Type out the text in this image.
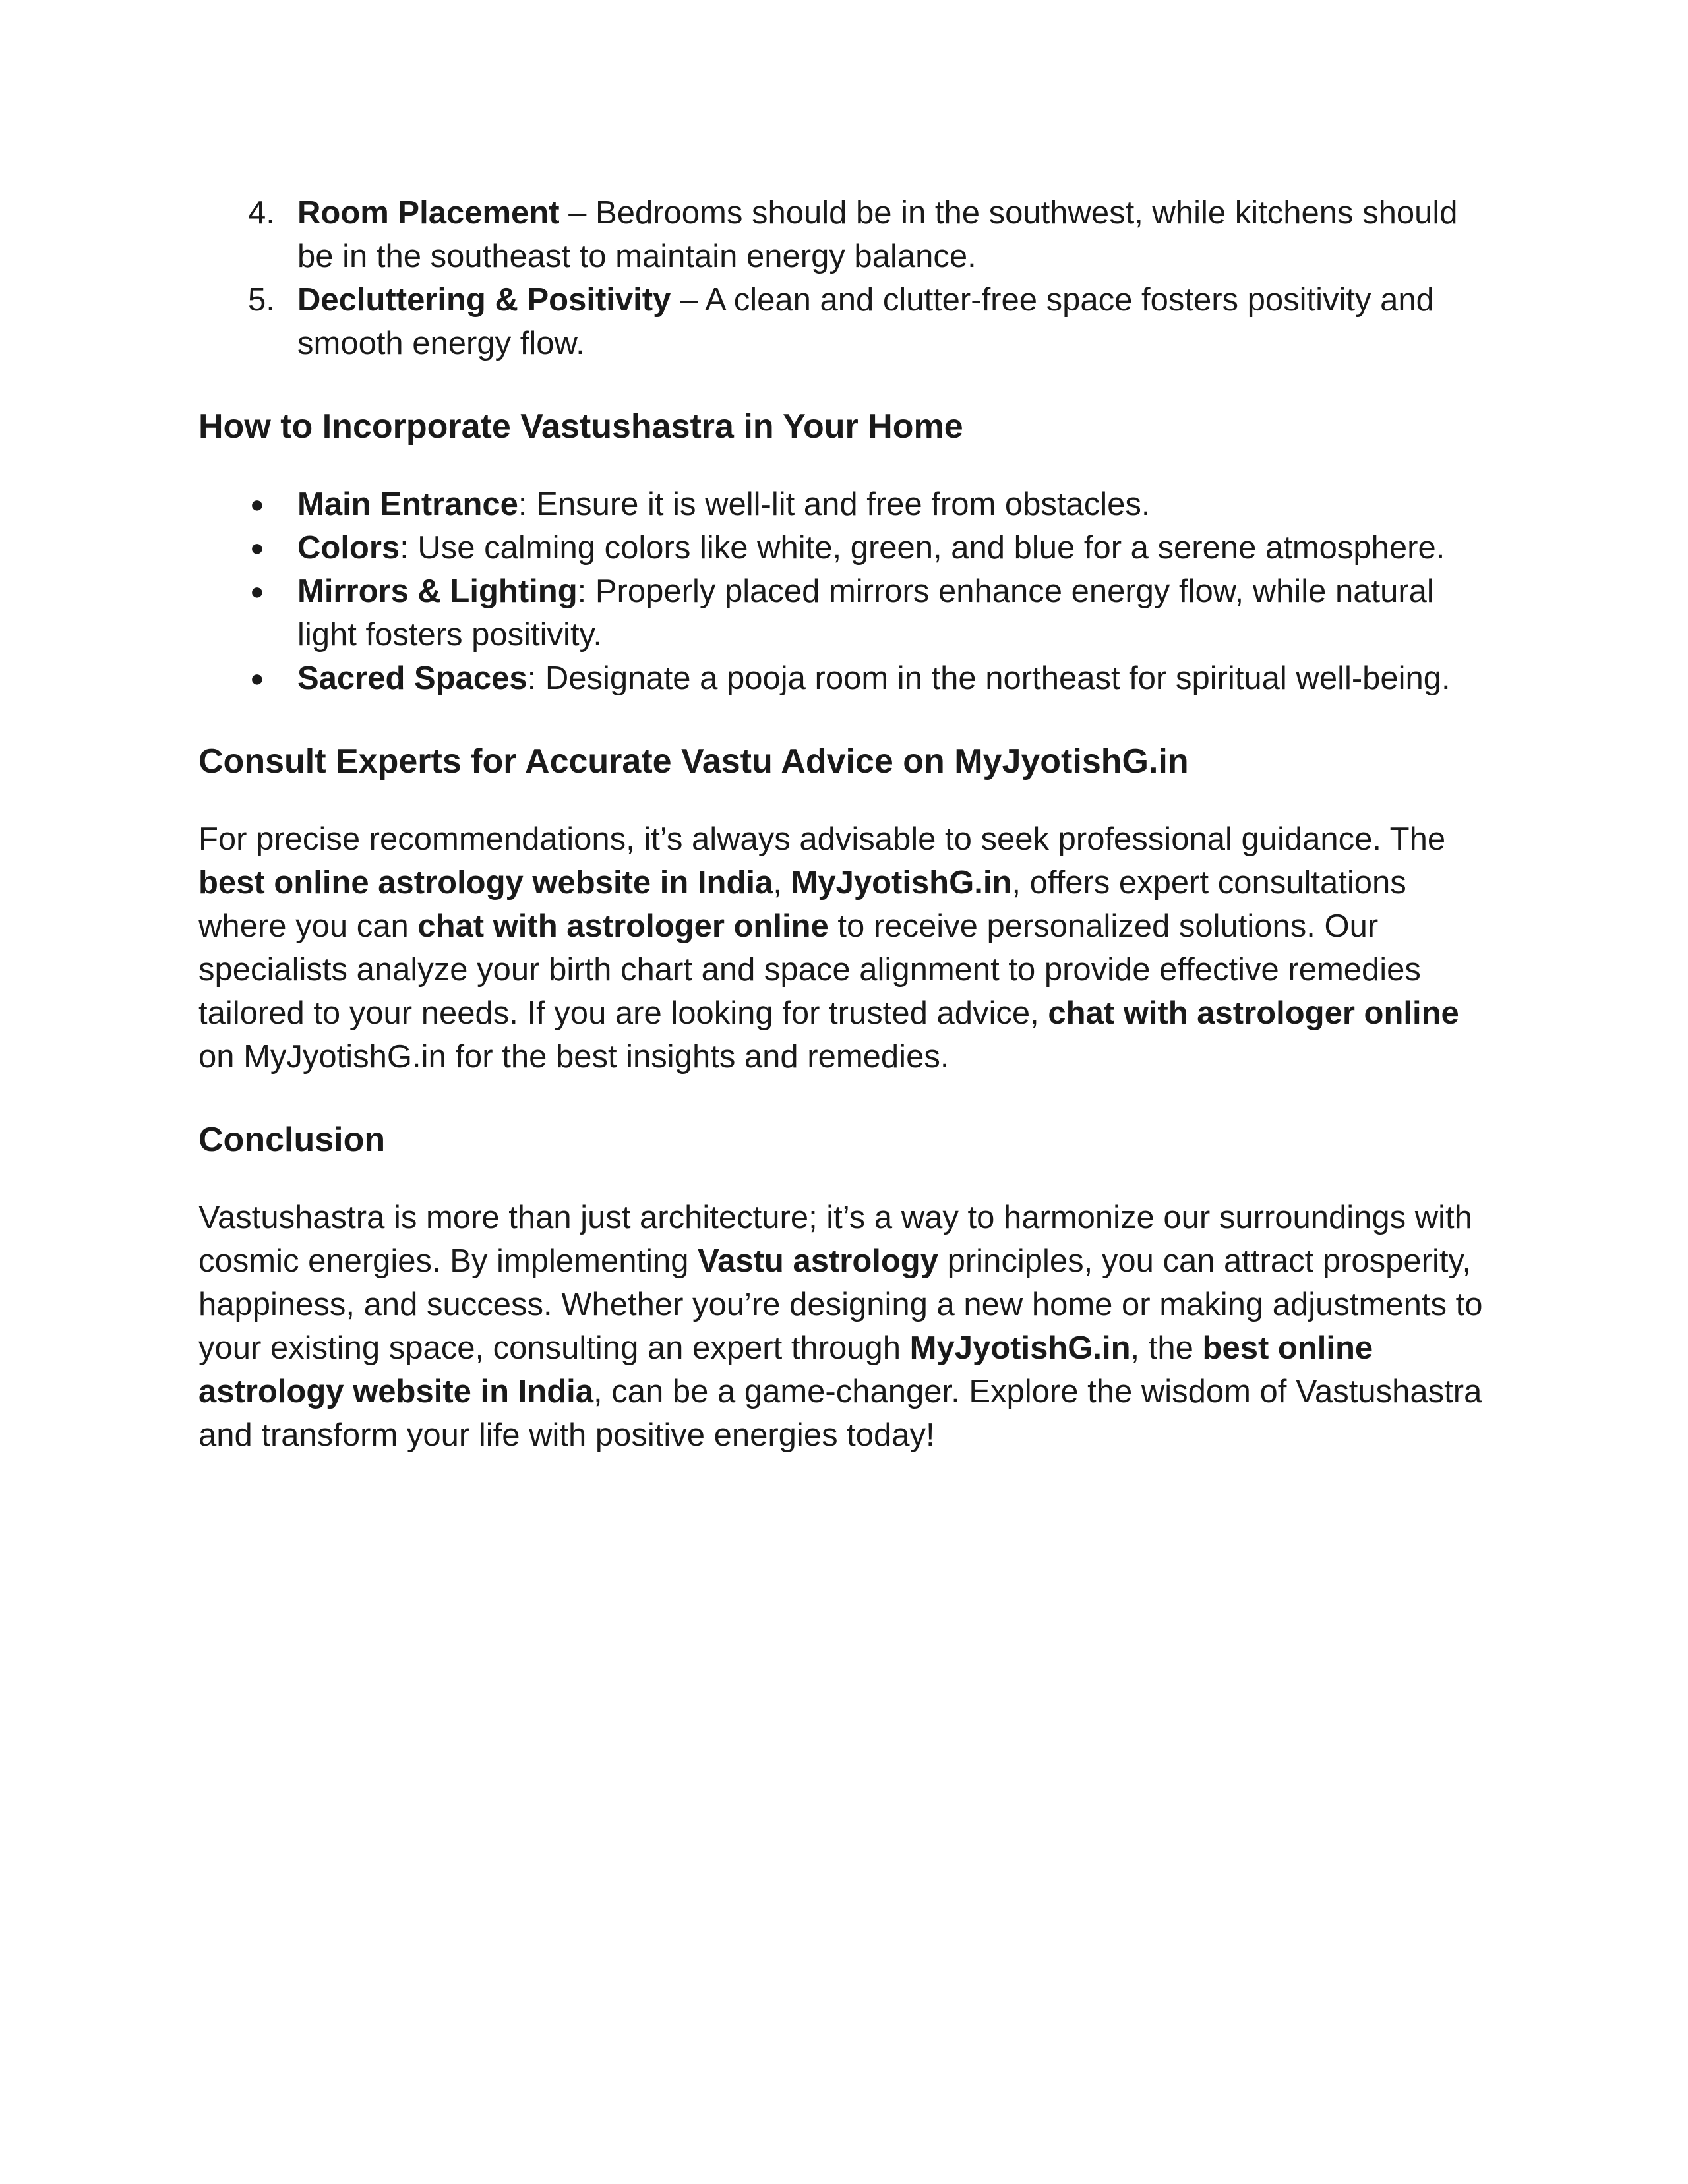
4. Room Placement – Bedrooms should be in the southwest, while kitchens should be in the southeast to maintain energy balance.
5. Decluttering & Positivity – A clean and clutter-free space fosters positivity and smooth energy flow.
How to Incorporate Vastushastra in Your Home
● Main Entrance: Ensure it is well-lit and free from obstacles.
● Colors: Use calming colors like white, green, and blue for a serene atmosphere.
● Mirrors & Lighting: Properly placed mirrors enhance energy flow, while natural light fosters positivity.
● Sacred Spaces: Designate a pooja room in the northeast for spiritual well-being.
Consult Experts for Accurate Vastu Advice on MyJyotishG.in

For precise recommendations, it’s always advisable to seek professional guidance. The best online astrology website in India, MyJyotishG.in, offers expert consultations where you can chat with astrologer online to receive personalized solutions. Our specialists analyze your birth chart and space alignment to provide effective remedies tailored to your needs. If you are looking for trusted advice, chat with astrologer online on MyJyotishG.in for the best insights and remedies.

Conclusion

Vastushastra is more than just architecture; it’s a way to harmonize our surroundings with cosmic energies. By implementing Vastu astrology principles, you can attract prosperity, happiness, and success. Whether you’re designing a new home or making adjustments to your existing space, consulting an expert through MyJyotishG.in, the best online astrology website in India, can be a game-changer. Explore the wisdom of Vastushastra and transform your life with positive energies today!
